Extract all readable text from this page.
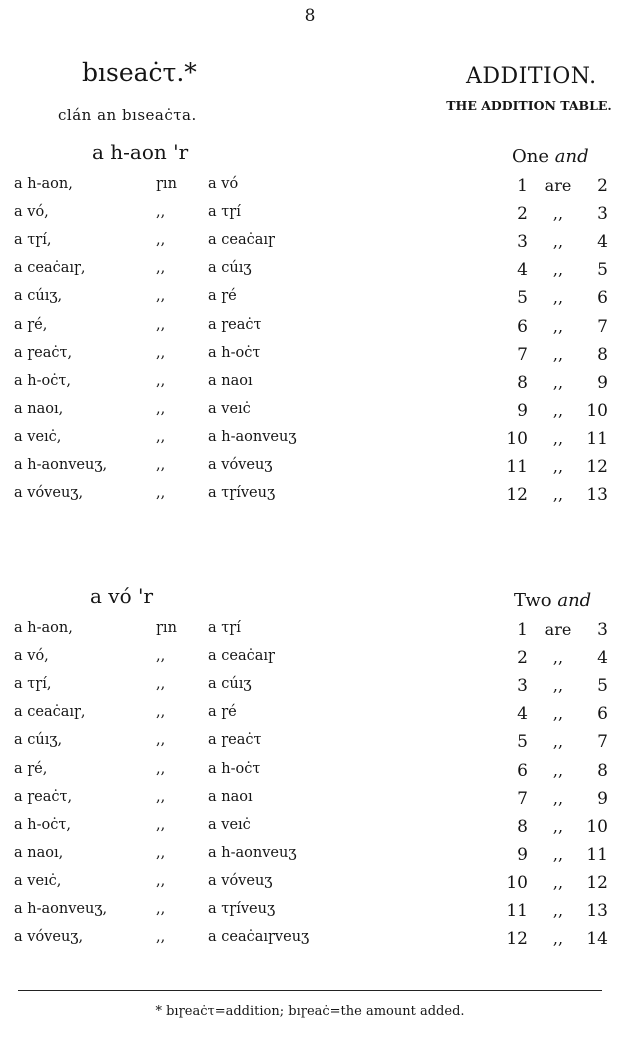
8
bıseaċτ.*	ADDITION.
clán an bıseaċτa.
THE ADDITION TABLE.
a h-aon 'r	One and
a h-aon,	ɼın a vó	1	are	2
a vó,	,,	a τɼí	2	,,	3
a τɼí,	,,	a ceaċaıɼ	3	,,	4
a ceaċaıɼ,	,,	a cúıʒ	4	,,	5
a cúıʒ,	,,	a ɼé	5	,,	6
a ɼé,	,,	a ɼeaċτ	6	,,	7
a ɼeaċτ,	,,	a h-oċτ	7	,,	8
a h-oċτ,	,,	a naoı	8	,,	9
a naoı,	,,	a veıċ	9	,,	10
a veıċ,	,,	a h-aonveuʒ	10	,,	11
a h-aonveuʒ,	,,	a vóveuʒ	11	,,	12
a vóveuʒ,	,,	a τɼíveuʒ	12	,,	13
a vó 'r	Two and
a h-aon,	ɼın a τɼí	1	are	3
a vó,	,,	a ceaċaıɼ	2	,,	4
a τɼí,	,,	a cúıʒ	3	,,	5
a ceaċaıɼ,	,,	a ɼé	4	,,	6
a cúıʒ,	,,	a ɼeaċτ	5	,,	7
a ɼé,	,,	a h-oċτ	6	,,	8
a ɼeaċτ,	,,	a naoı	7	,,	9
a h-oċτ,	,,	a veıċ	8	,,	10
a naoı,	,,	a h-aonveuʒ	9	,,	11
a veıċ,	,,	a vóveuʒ	10	,,	12
a h-aonveuʒ,	,,	a τɼíveuʒ	11	,,	13
a vóveuʒ,	,,	a ceaċaıɼveuʒ	12	,,	14
* bıɼeaċτ=addition; bıɼeaċ=the amount added.
